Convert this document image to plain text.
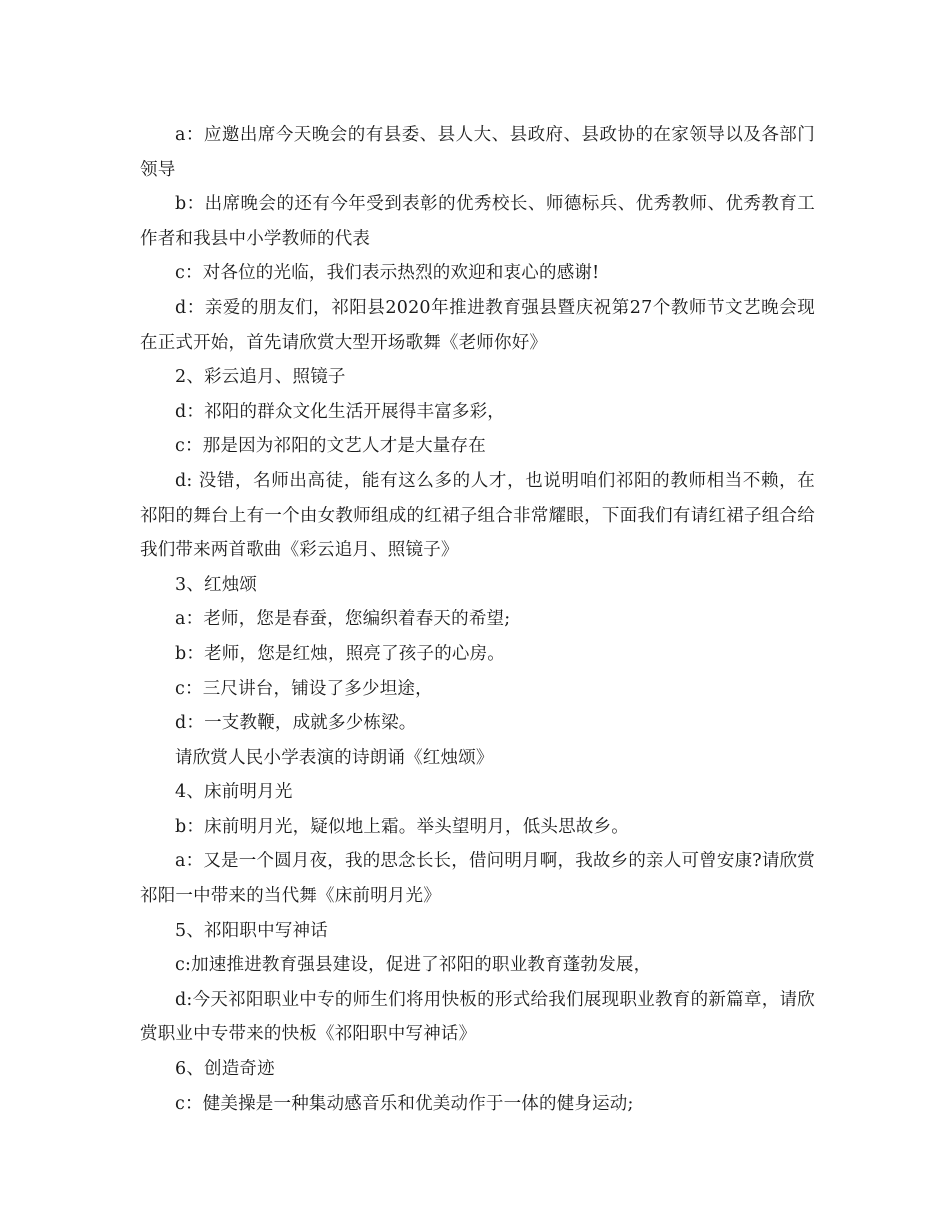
a：应邀出席今天晚会的有县委、县人大、县政府、县政协的在家领导以及各部门领导

b：出席晚会的还有今年受到表彰的优秀校长、师德标兵、优秀教师、优秀教育工作者和我县中小学教师的代表

c：对各位的光临，我们表示热烈的欢迎和衷心的感谢!

d：亲爱的朋友们，祁阳县2020年推进教育强县暨庆祝第27个教师节文艺晚会现在正式开始，首先请欣赏大型开场歌舞《老师你好》

2、彩云追月、照镜子

d：祁阳的群众文化生活开展得丰富多彩，

c：那是因为祁阳的文艺人才是大量存在

d: 没错，名师出高徒，能有这么多的人才，也说明咱们祁阳的教师相当不赖，在祁阳的舞台上有一个由女教师组成的红裙子组合非常耀眼，下面我们有请红裙子组合给我们带来两首歌曲《彩云追月、照镜子》

3、红烛颂

a：老师，您是春蚕，您编织着春天的希望;

b：老师，您是红烛，照亮了孩子的心房。

c：三尺讲台，铺设了多少坦途，

d：一支教鞭，成就多少栋梁。

请欣赏人民小学表演的诗朗诵《红烛颂》

4、床前明月光

b：床前明月光，疑似地上霜。举头望明月，低头思故乡。

a：又是一个圆月夜，我的思念长长，借问明月啊，我故乡的亲人可曾安康?请欣赏祁阳一中带来的当代舞《床前明月光》

5、祁阳职中写神话

c:加速推进教育强县建设，促进了祁阳的职业教育蓬勃发展，

d:今天祁阳职业中专的师生们将用快板的形式给我们展现职业教育的新篇章，请欣赏职业中专带来的快板《祁阳职中写神话》

6、创造奇迹

c：健美操是一种集动感音乐和优美动作于一体的健身运动;
